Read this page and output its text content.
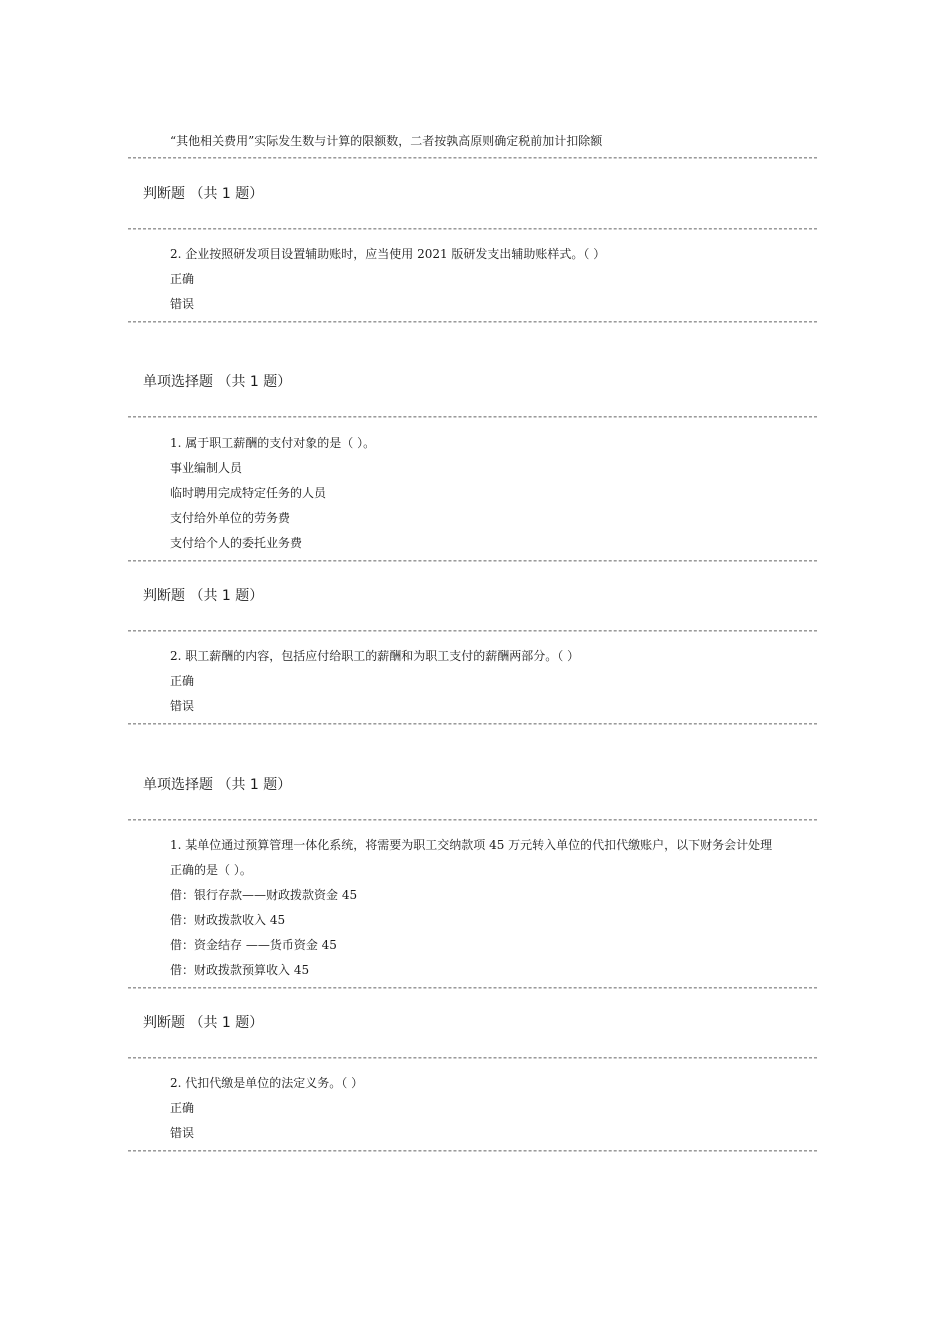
“其他相关费用”实际发生数与计算的限额数，二者按孰高原则确定税前加计扣除额
判断题 （共 1 题）
2. 企业按照研发项目设置辅助账时，应当使用 2021 版研发支出辅助账样式。（ ）
正确
错误
单项选择题 （共 1 题）
1. 属于职工薪酬的支付对象的是（ ）。
事业编制人员
临时聘用完成特定任务的人员
支付给外单位的劳务费
支付给个人的委托业务费
判断题 （共 1 题）
2. 职工薪酬的内容，包括应付给职工的薪酬和为职工支付的薪酬两部分。（ ）
正确
错误
单项选择题 （共 1 题）
1. 某单位通过预算管理一体化系统，将需要为职工交纳款项 45 万元转入单位的代扣代缴账户，以下财务会计处理
正确的是（ ）。
借：银行存款——财政拨款资金 45
借：财政拨款收入 45
借：资金结存 ——货币资金 45
借：财政拨款预算收入 45
判断题 （共 1 题）
2. 代扣代缴是单位的法定义务。（ ）
正确
错误
